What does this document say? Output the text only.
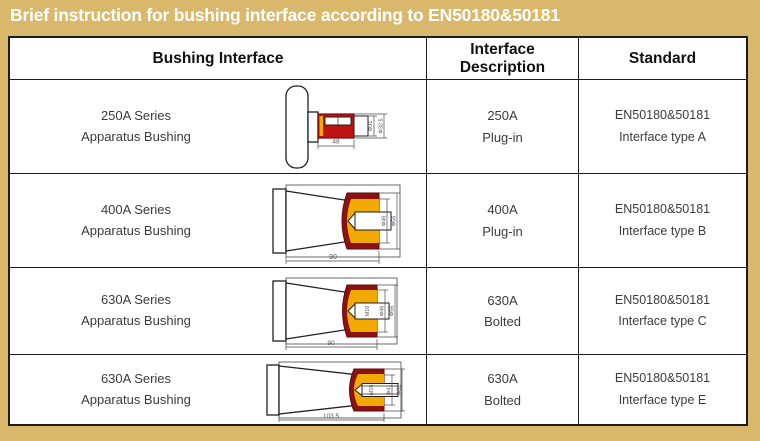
Brief instruction for bushing interface according to EN50180&50181
Bushing Interface
Interface Description
Standard
250A Series
Apparatus Bushing	48
Φ31 Φ32.5
250A
Plug-in
EN50180&50181
Interface type A
400A Series
Apparatus Bushing
90
Φ46 Φ56
400A
Plug-in
EN50180&50181
Interface type B
630A Series
Apparatus Bushing
M16
90
Φ46 Φ56
630A
Bolted
EN50180&50181
Interface type C
630A Series
Apparatus Bushing
M16
103.5
Φ41 Φ61
630A
Bolted
EN50180&50181
Interface type E
